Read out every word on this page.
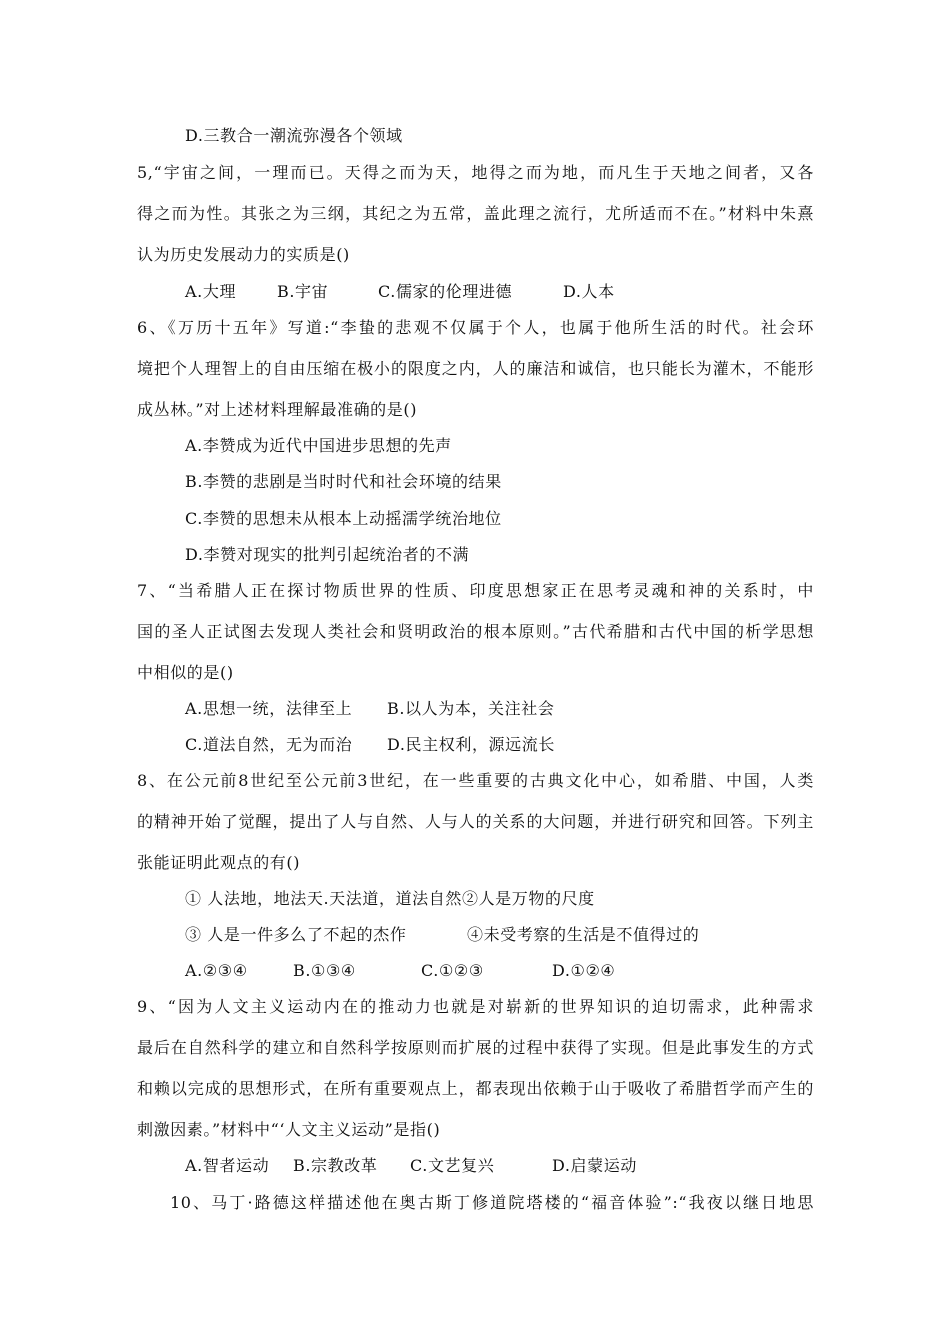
D.三教合一潮流弥漫各个领域
5,“宇宙之间，一理而已。天得之而为天，地得之而为地，而凡生于天地之间者，又各
得之而为性。其张之为三纲，其纪之为五常，盖此理之流行，尤所适而不在。”材料中朱熹
认为历史发展动力的实质是()
A.大理	B.宇宙	C.儒家的伦理进德	D.人本
6、《万历十五年》写道:“李蛰的悲观不仅属于个人，也属于他所生活的时代。社会环
境把个人理智上的自由压缩在极小的限度之内，人的廉洁和诚信，也只能长为灌木，不能形
成丛林。”对上述材料理解最准确的是()
A.李赞成为近代中国进步思想的先声
B.李赞的悲剧是当时时代和社会环境的结果
C.李赞的思想未从根本上动摇濡学统治地位
D.李赞对现实的批判引起统治者的不满
7、“当希腊人正在探讨物质世界的性质、印度思想家正在思考灵魂和神的关系时，中
国的圣人正试图去发现人类社会和贤明政治的根本原则。”古代希腊和古代中国的析学思想
中相似的是()
A.思想一统，法律至上 B.以人为本，关注社会
C.道法自然，无为而治 D.民主权利，源远流长
8、在公元前8世纪至公元前3世纪，在一些重要的古典文化中心，如希腊、中国，人类
的精神开始了觉醒，提出了人与自然、人与人的关系的大问题，并进行研究和回答。下列主
张能证明此观点的有()
① 人法地，地法天.天法道，道法自然②人是万物的尺度
③ 人是一件多么了不起的杰作	④未受考察的生活是不值得过的
A.②③④	B.①③④	C.①②③	D.①②④
9、“因为人文主义运动内在的推动力也就是对崭新的世界知识的迫切需求，此种需求
最后在自然科学的建立和自然科学按原则而扩展的过程中获得了实现。但是此事发生的方式
和赖以完成的思想形式，在所有重要观点上，都表现出依赖于山于吸收了希腊哲学而产生的
刺激因素。”材料中“‘人文主义运动”是指()
A.智者运动 B.宗教改革 C.文艺复兴	D.启蒙运动
10、马丁·路德这样描述他在奥古斯丁修道院塔楼的“福音体验”:“我夜以继日地思
